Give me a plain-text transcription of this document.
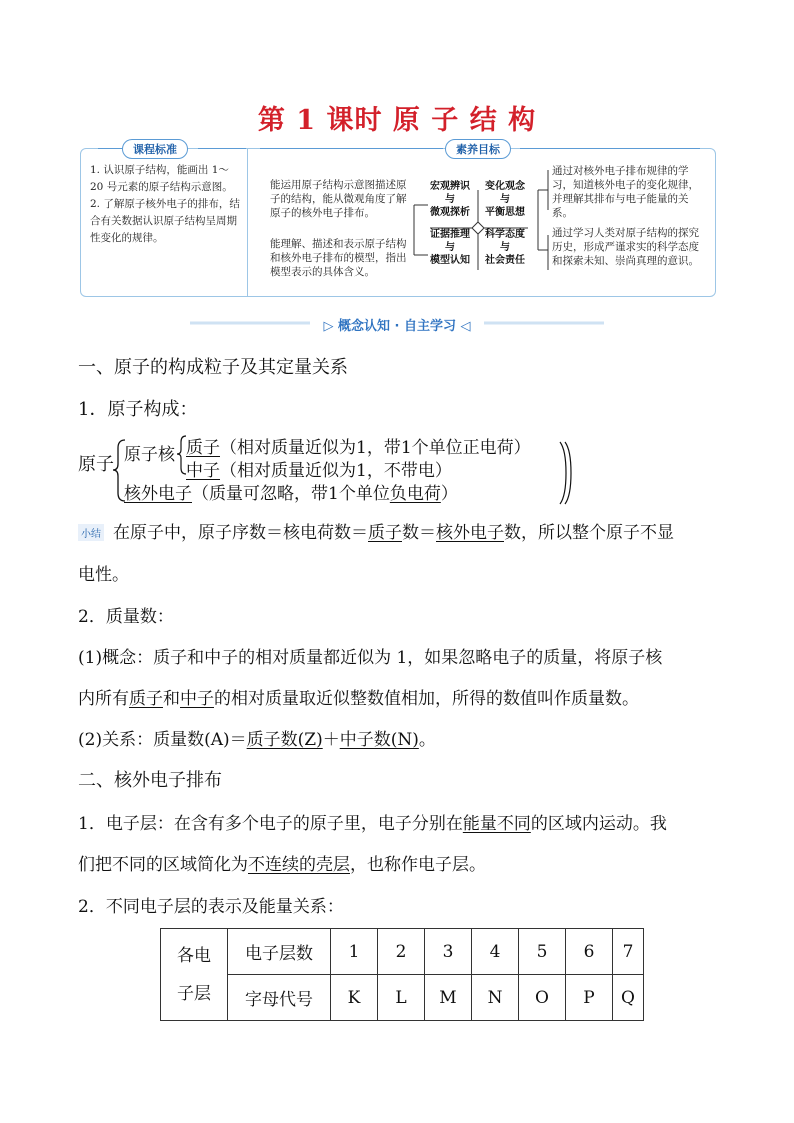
第 1 课时 原 子 结 构
课程标准	素养目标
1. 认识原子结构，能画出 1～20 号元素的原子结构示意图。
2. 了解原子核外电子的排布，结合有关数据认识原子结构呈周期性变化的规律。
能运用原子结构示意图描述原子的结构，能从微观角度了解原子的核外电子排布。
能理解、描述和表示原子结构和核外电子排布的模型，指出模型表示的具体含义。
宏观辨识
与
微观探析
变化观念
与
平衡思想
证据推理
与
模型认知
科学态度
与
社会责任
通过对核外电子排布规律的学习，知道核外电子的变化规律，并理解其排布与电子能量的关系。
通过学习人类对原子结构的探究历史，形成严谨求实的科学态度和探索未知、崇尚真理的意识。
▷ 概念认知 · 自主学习 ◁
一、原子的构成粒子及其定量关系
1．原子构成：
原子 原子核 质子（相对质量近似为1，带1个单位正电荷）
中子（相对质量近似为1，不带电）
核外电子（质量可忽略，带1个单位负电荷）
小结 在原子中，原子序数＝核电荷数＝质子数＝核外电子数，所以整个原子不显
电性。
2．质量数：
(1)概念：质子和中子的相对质量都近似为 1，如果忽略电子的质量，将原子核
内所有质子和中子的相对质量取近似整数值相加，所得的数值叫作质量数。
(2)关系：质量数(A)＝质子数(Z)＋中子数(N)。
二、核外电子排布
1．电子层：在含有多个电子的原子里，电子分别在能量不同的区域内运动。我
们把不同的区域简化为不连续的壳层，也称作电子层。
2．不同电子层的表示及能量关系：
各电
子层	电子层数	1	2	3	4	5	6	7
	字母代号	K	L	M	N	O	P	Q
